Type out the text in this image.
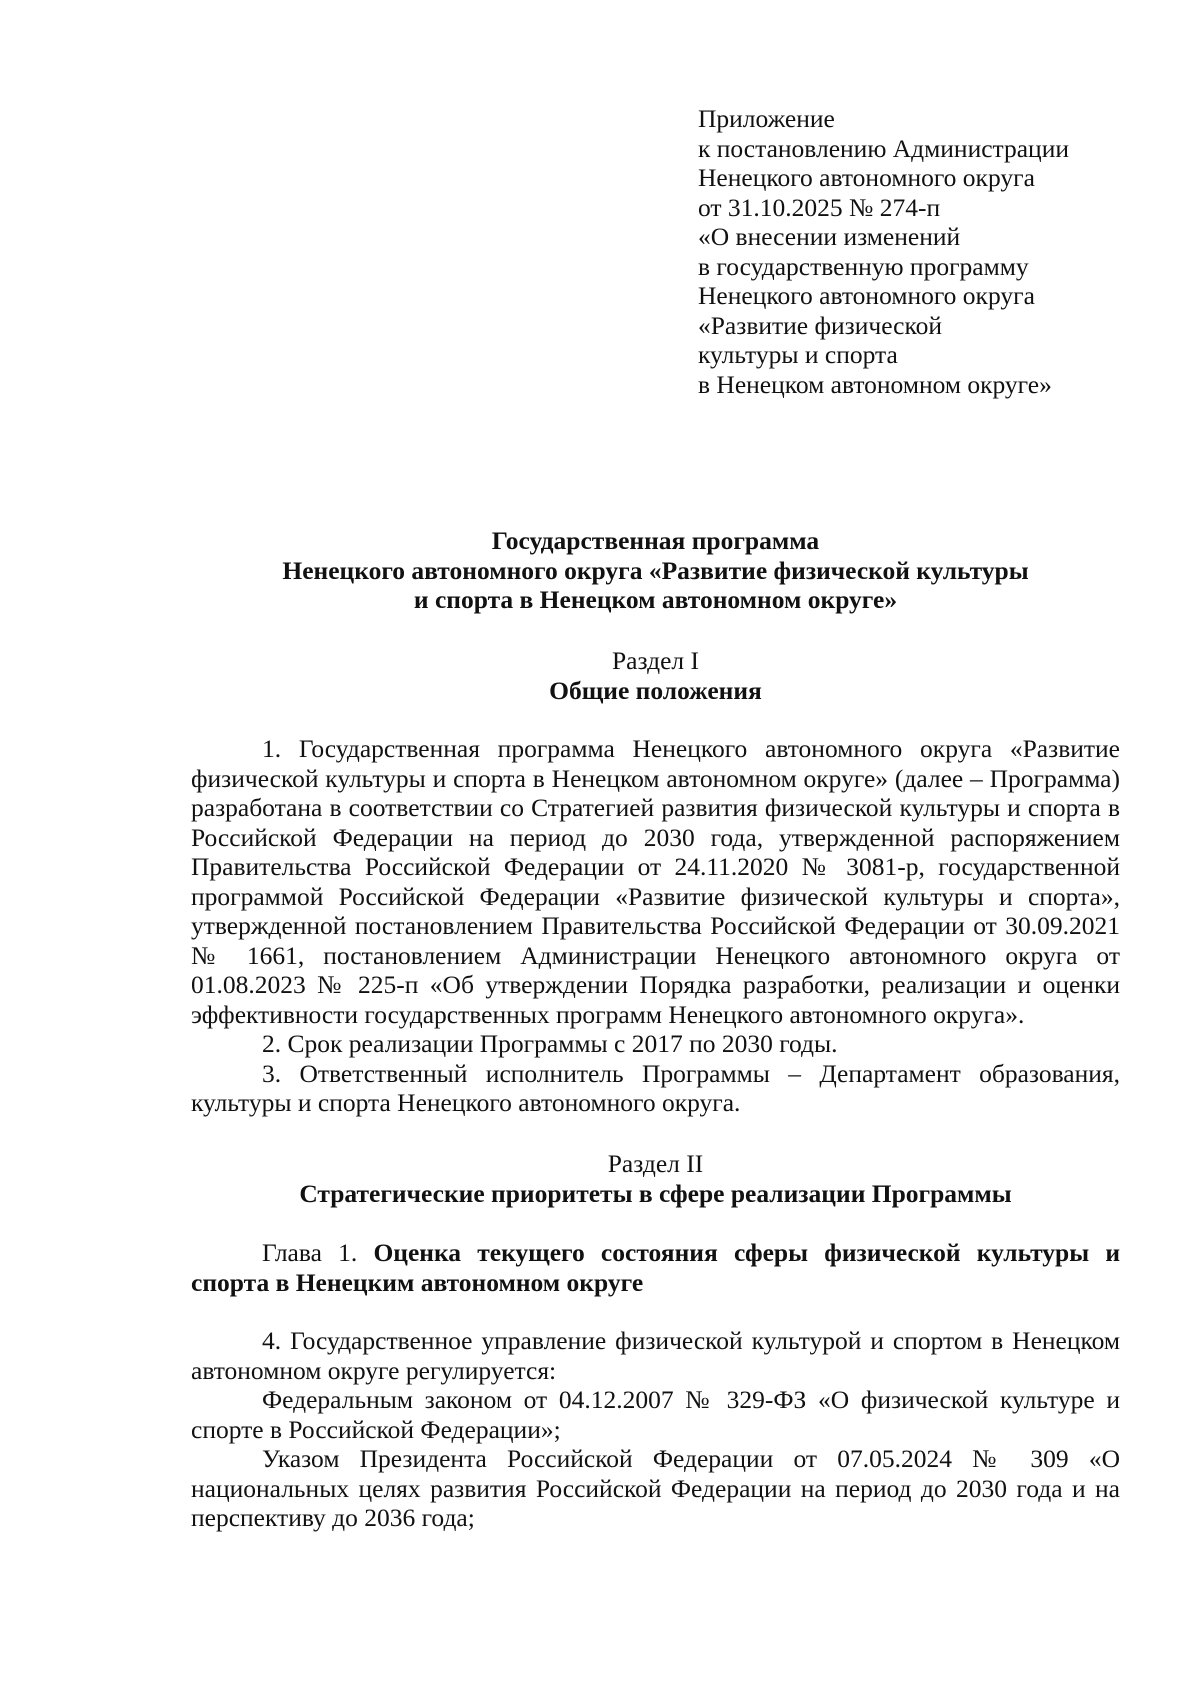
Приложение
к постановлению Администрации
Ненецкого автономного округа
от 31.10.2025 № 274-п
«О внесении изменений
в государственную программу
Ненецкого автономного округа
«Развитие физической
культуры и спорта
в Ненецком автономном округе»
Государственная программа
Ненецкого автономного округа «Развитие физической культуры
и спорта в Ненецком автономном округе»
Раздел I
Общие положения

1. Государственная программа Ненецкого автономного округа «Развитие физической культуры и спорта в Ненецком автономном округе» (далее – Программа) разработана в соответствии со Стратегией развития физической культуры и спорта в Российской Федерации на период до 2030 года, утвержденной распоряжением Правительства Российской Федерации от 24.11.2020 № 3081-р, государственной программой Российской Федерации «Развитие физической культуры и спорта», утвержденной постановлением Правительства Российской Федерации от 30.09.2021 № 1661, постановлением Администрации Ненецкого автономного округа от 01.08.2023 № 225-п «Об утверждении Порядка разработки, реализации и оценки эффективности государственных программ Ненецкого автономного округа».

2. Срок реализации Программы с 2017 по 2030 годы.

3. Ответственный исполнитель Программы – Департамент образования, культуры и спорта Ненецкого автономного округа.

Раздел II
Стратегические приоритеты в сфере реализации Программы

Глава 1. Оценка текущего состояния сферы физической культуры и спорта в Ненецким автономном округе

4. Государственное управление физической культурой и спортом в Ненецком автономном округе регулируется:

Федеральным законом от 04.12.2007 № 329-ФЗ «О физической культуре и спорте в Российской Федерации»;

Указом Президента Российской Федерации от 07.05.2024 № 309 «О национальных целях развития Российской Федерации на период до 2030 года и на перспективу до 2036 года;
